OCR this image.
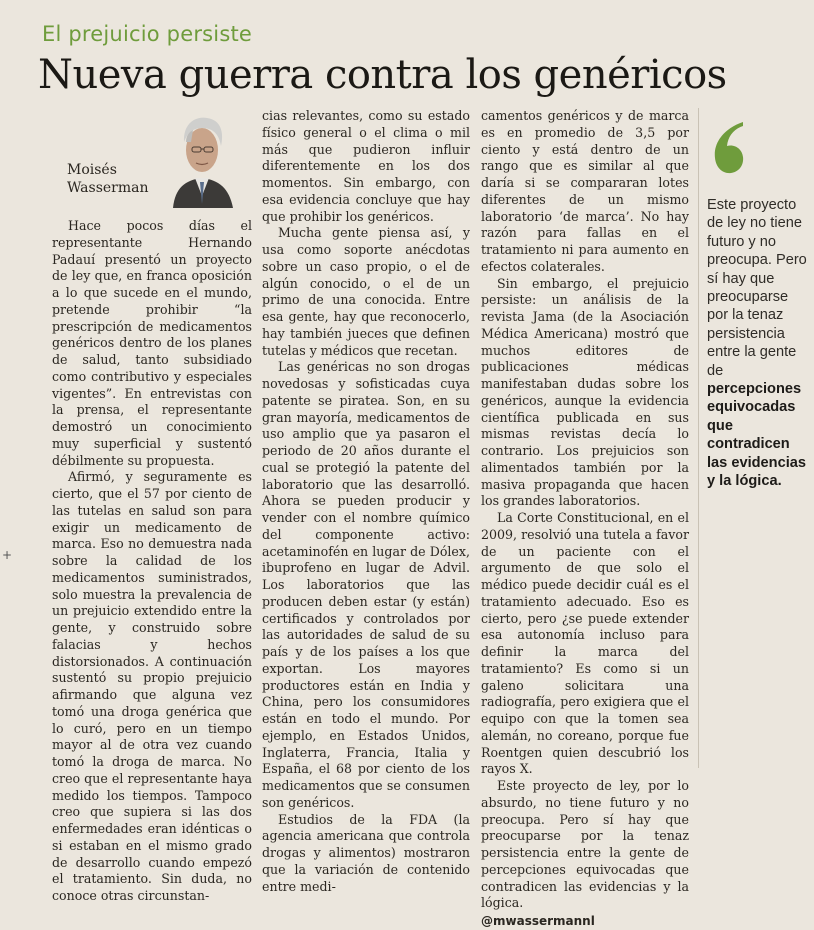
El prejuicio persiste
Nueva guerra contra los genéricos
Moisés
Wasserman

Hace pocos días el representante Hernando Padauí presentó un proyecto de ley que, en franca oposición a lo que sucede en el mundo, pretende prohibir “la prescripción de medicamentos genéricos dentro de los planes de salud, tanto subsidiado como contributivo y especiales vigentes”. En entrevistas con la prensa, el representante demostró un conocimiento muy superficial y sustentó débilmente su propuesta.

Afirmó, y seguramente es cierto, que el 57 por ciento de las tutelas en salud son para exigir un medicamento de marca. Eso no demuestra nada sobre la calidad de los medicamentos suministrados, solo muestra la prevalencia de un prejuicio extendido entre la gente, y construido sobre falacias y hechos distorsionados. A continuación sustentó su propio prejuicio afirmando que alguna vez tomó una droga genérica que lo curó, pero en un tiempo mayor al de otra vez cuando tomó la droga de marca. No creo que el representante haya medido los tiempos. Tampoco creo que supiera si las dos enfermedades eran idénticas o si estaban en el mismo grado de desarrollo cuando empezó el tratamiento. Sin duda, no conoce otras circunstan-

cias relevantes, como su estado físico general o el clima o mil más que pudieron influir diferentemente en los dos momentos. Sin embargo, con esa evidencia concluye que hay que prohibir los genéricos.

Mucha gente piensa así, y usa como soporte anécdotas sobre un caso propio, o el de algún conocido, o el de un primo de una conocida. Entre esa gente, hay que reconocerlo, hay también jueces que definen tutelas y médicos que recetan.

Las genéricas no son drogas novedosas y sofisticadas cuya patente se piratea. Son, en su gran mayoría, medicamentos de uso amplio que ya pasaron el periodo de 20 años durante el cual se protegió la patente del laboratorio que las desarrolló. Ahora se pueden producir y vender con el nombre químico del componente activo: acetaminofén en lugar de Dólex, ibuprofeno en lugar de Advil. Los laboratorios que las producen deben estar (y están) certificados y controlados por las autoridades de salud de su país y de los países a los que exportan. Los mayores productores están en India y China, pero los consumidores están en todo el mundo. Por ejemplo, en Estados Unidos, Inglaterra, Francia, Italia y España, el 68 por ciento de los medicamentos que se consumen son genéricos.

Estudios de la FDA (la agencia americana que controla drogas y alimentos) mostraron que la variación de contenido entre medi-

camentos genéricos y de marca es en promedio de 3,5 por ciento y está dentro de un rango que es similar al que daría si se compararan lotes diferentes de un mismo laboratorio ‘de marca’. No hay razón para fallas en el tratamiento ni para aumento en efectos colaterales.

Sin embargo, el prejuicio persiste: un análisis de la revista Jama (de la Asociación Médica Americana) mostró que muchos editores de publicaciones médicas manifestaban dudas sobre los genéricos, aunque la evidencia científica publicada en sus mismas revistas decía lo contrario. Los prejuicios son alimentados también por la masiva propaganda que hacen los grandes laboratorios.

La Corte Constitucional, en el 2009, resolvió una tutela a favor de un paciente con el argumento de que solo el médico puede decidir cuál es el tratamiento adecuado. Eso es cierto, pero ¿se puede extender esa autonomía incluso para definir la marca del tratamiento? Es como si un galeno solicitara una radiografía, pero exigiera que el equipo con que la tomen sea alemán, no coreano, porque fue Roentgen quien descubrió los rayos X.

Este proyecto de ley, por lo absurdo, no tiene futuro y no preocupa. Pero sí hay que preocuparse por la tenaz persistencia entre la gente de percepciones equivocadas que contradicen las evidencias y la lógica.

@mwassermannl
Este proyecto de ley no tiene futuro y no preocupa. Pero sí hay que preocuparse por la tenaz persistencia entre la gente de percepciones equivocadas que contradicen las evidencias y la lógica.
+
